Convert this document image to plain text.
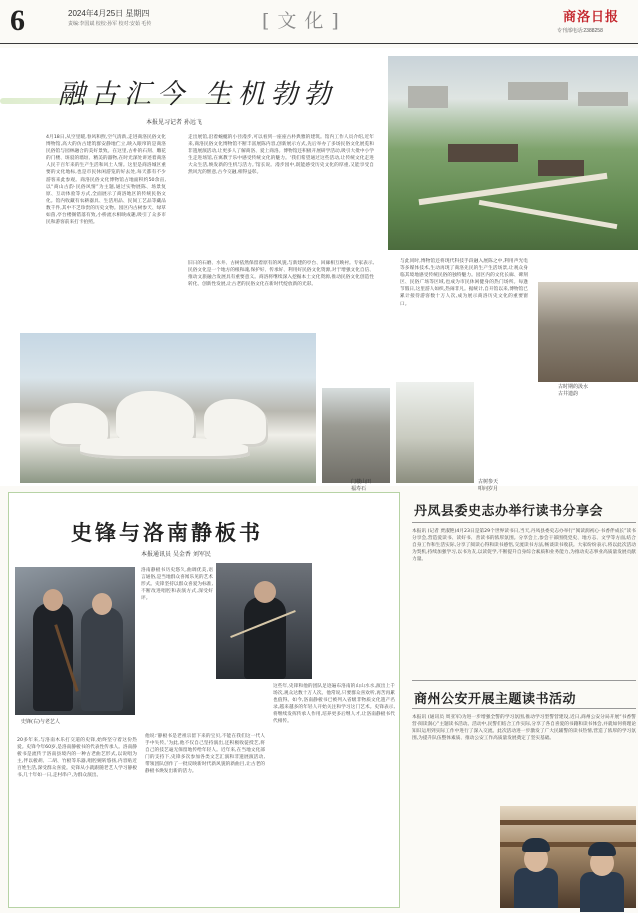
6	2024年4月25日 星期四
责编:李国斌 校校:孙军 校对:安茹 毛传	[文化]	商洛日报
专刊部电话:2388258
融古汇今 生机勃勃
本报见习记者 孙远飞
4月18日,从空里暖,春风和煦,空气清新,走进商洛民俗文化博物馆,高大的仿古建筑群安静地伫立,映入眼帘的是商洛民俗馆与园林融合的美好景致。在这里,古朴的石刻、雕花的门楼、斑驳的墙垣、精美的器物,在时光深处讲述着商洛人民千百年来的生产生活和风土人情。这里是商洛城区重要的文化地标,也是市民休闲游览的好去处,每天都有不少游客来此参观。商洛民俗文化博物馆占地面积约50余亩,以“商山古韵·民俗风情”为主题,通过实物展陈、场景复原、互动体验等方式,全面展示了商洛地区的传统民俗文化。馆内收藏有农耕器具、生活用品、民间工艺品等藏品数千件,其中不乏珍贵的历史文物。园区内古树参天、绿草如茵,亭台楼阁错落有致,小桥流水相映成趣,吸引了众多市民和游客前来打卡拍照。
走出展馆,沿着蜿蜒的小径漫步,可以看到一座座古朴典雅的建筑。馆内工作人员介绍,近年来,商洛民俗文化博物馆不断丰富展陈内容,创新展示方式,先后举办了多场民俗文化展览和非遗展演活动,让更多人了解商洛、爱上商洛。博物馆还积极开展研学活动,吸引大批中小学生走进场馆,在寓教于乐中感受传统文化的魅力。‘我们希望通过这些活动,让传统文化走进大众生活,焕发新的生机与活力。’馆长说。漫步园中,既能感受历史文化的厚重,又能享受自然风光的惬意,古今交融,相得益彰。
与此同时,博物馆还将现代科技手段融入展陈之中,利用声光电等多媒体技术,生动再现了商洛先民的生产生活场景,让观众身临其境地感受传统民俗的独特魅力。园区内的文化长廊、碑刻区、民俗广场等区域,也成为市民休闲健身的热门场所。每逢节假日,这里游人如织,热闹非凡。据统计,自开馆以来,博物馆已累计接待游客数十万人次,成为展示商洛历史文化的重要窗口。
旧日的石磨、水井、古树依然保留着原有的风貌,与新建的亭台、回廊相互映衬。专家表示,民俗文化是一个地方的根和魂,保护好、传承好、利用好民俗文化资源,对于增强文化自信、推动文旅融合发展具有重要意义。商洛将继续深入挖掘本土文化资源,推动民俗文化创造性转化、创新性发展,让古老的民俗文化在新时代绽放新的光彩。
门楼山田
福寿石
古树参天
叩问岁月
古时期的汲水
古井遗韵
史锋与洛南静板书
本报通讯员 吴金香 刘军民
史锋(右)与老艺人
洛南静板书历史悠久,曲调优美,语言通俗,是当地群众喜闻乐见的艺术形式。史锋坚持以群众喜爱为标准,不断改进唱腔和表演方式,深受好评。
20多年来,与洛南木乐打交道的史锋,始终坚守着这份热爱。史锋今年60岁,是洛南静板书的代表性传承人。洛南静板书是流传于洛南县境内的一种古老曲艺形式,以说唱为主,伴以板胡、二胡、竹板等乐器,唱腔婉转悠扬,内容贴近百姓生活,深受群众喜爱。史锋从小就跟随老艺人学习静板书,几十年如一日,走村串户,为群众演出。
他说:‘静板书是老祖宗留下来的宝贝,不能在我们这一代人手中失传。’为此,他不仅自己坚持演出,还积极收徒授艺,将自己的技艺毫无保留地传给年轻人。近年来,在当地文化部门的支持下,史锋多次参加各类文艺汇演和非遗展演活动,带领团队创作了一批反映新时代新风貌的新曲目,让古老的静板书焕发出新的活力。
这些年,史锋和他的团队足迹遍布洛南的山山水水,演出上千场次,观众达数十万人次。他常说,只要群众喜欢听,再苦再累也值得。如今,洛南静板书已被列入省级非物质文化遗产名录,越来越多的年轻人开始关注和学习这门艺术。史锋表示,将继续发挥传承人作用,培养更多后继人才,让洛南静板书代代相传。
丹凤县委史志办举行读书分享会
本报讯 (记者 贾淑艳)4月23日是第29个世界读书日,当天,丹凤县委史志办举行“阅读润初心·书香伴成长”读书分享会,营造爱读书、读好书、善读书的浓厚氛围。分享会上,参会干部围绕党史、地方志、文学等方面,结合自身工作和生活实际,分享了阅读心得和读书感悟,交流读书方法,畅谈读书收获。大家纷纷表示,将以此次活动为契机,持续加强学习,以书为友,以读促学,不断提升自身综合素质和业务能力,为推动史志事业高质量发展贡献力量。
商州公安开展主题读书活动
本报讯 (通讯员 周亚军)为进一步增强全警的学习氛围,推动学习型警营建设,近日,商州公安分局开展“书香警营·阅读润心”主题读书活动。活动中,民警们结合工作实际,分享了各自喜爱的书籍和读书体会,并就如何将理论知识运用到实际工作中进行了深入交流。此次活动进一步激发了广大民辅警的读书热情,营造了浓厚的学习氛围,为提升队伍整体素质、推动公安工作高质量发展奠定了坚实基础。
